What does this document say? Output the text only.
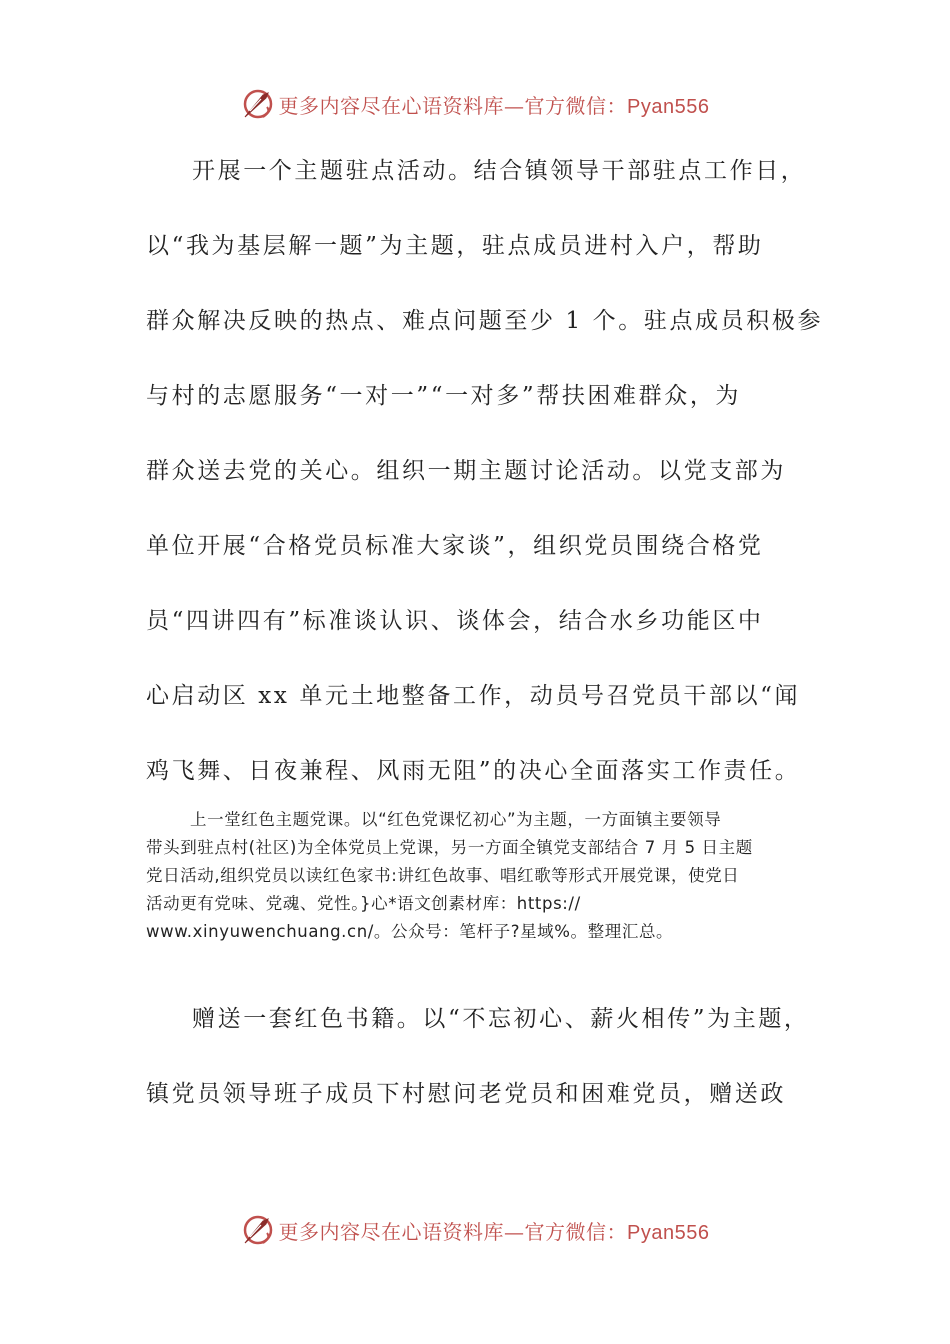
更多内容尽在心语资料库—官方微信：Pyan556
开展一个主题驻点活动。结合镇领导干部驻点工作日，
以“我为基层解一题”为主题，驻点成员进村入户，帮助
群众解决反映的热点、难点问题至少 1 个。驻点成员积极参
与村的志愿服务“一对一”“一对多”帮扶困难群众，为
群众送去党的关心。组织一期主题讨论活动。以党支部为
单位开展“合格党员标准大家谈”，组织党员围绕合格党
员“四讲四有”标准谈认识、谈体会，结合水乡功能区中
心启动区 xx 单元土地整备工作，动员号召党员干部以“闻
鸡飞舞、日夜兼程、风雨无阻”的决心全面落实工作责任。
上一堂红色主题党课。以“红色党课忆初心”为主题，一方面镇主要领导
带头到驻点村(社区)为全体党员上党课，另一方面全镇党支部结合 7 月 5 日主题
党日活动,组织党员以读红色家书:讲红色故事、唱红歌等形式开展党课，使党日
活动更有党味、党魂、党性。}心*语文创素材库：https://
www.xinyuwenchuang.cn/。公众号：笔杆子?星域%。整理汇总。
赠送一套红色书籍。以“不忘初心、薪火相传”为主题，
镇党员领导班子成员下村慰问老党员和困难党员，赠送政
更多内容尽在心语资料库—官方微信：Pyan556
